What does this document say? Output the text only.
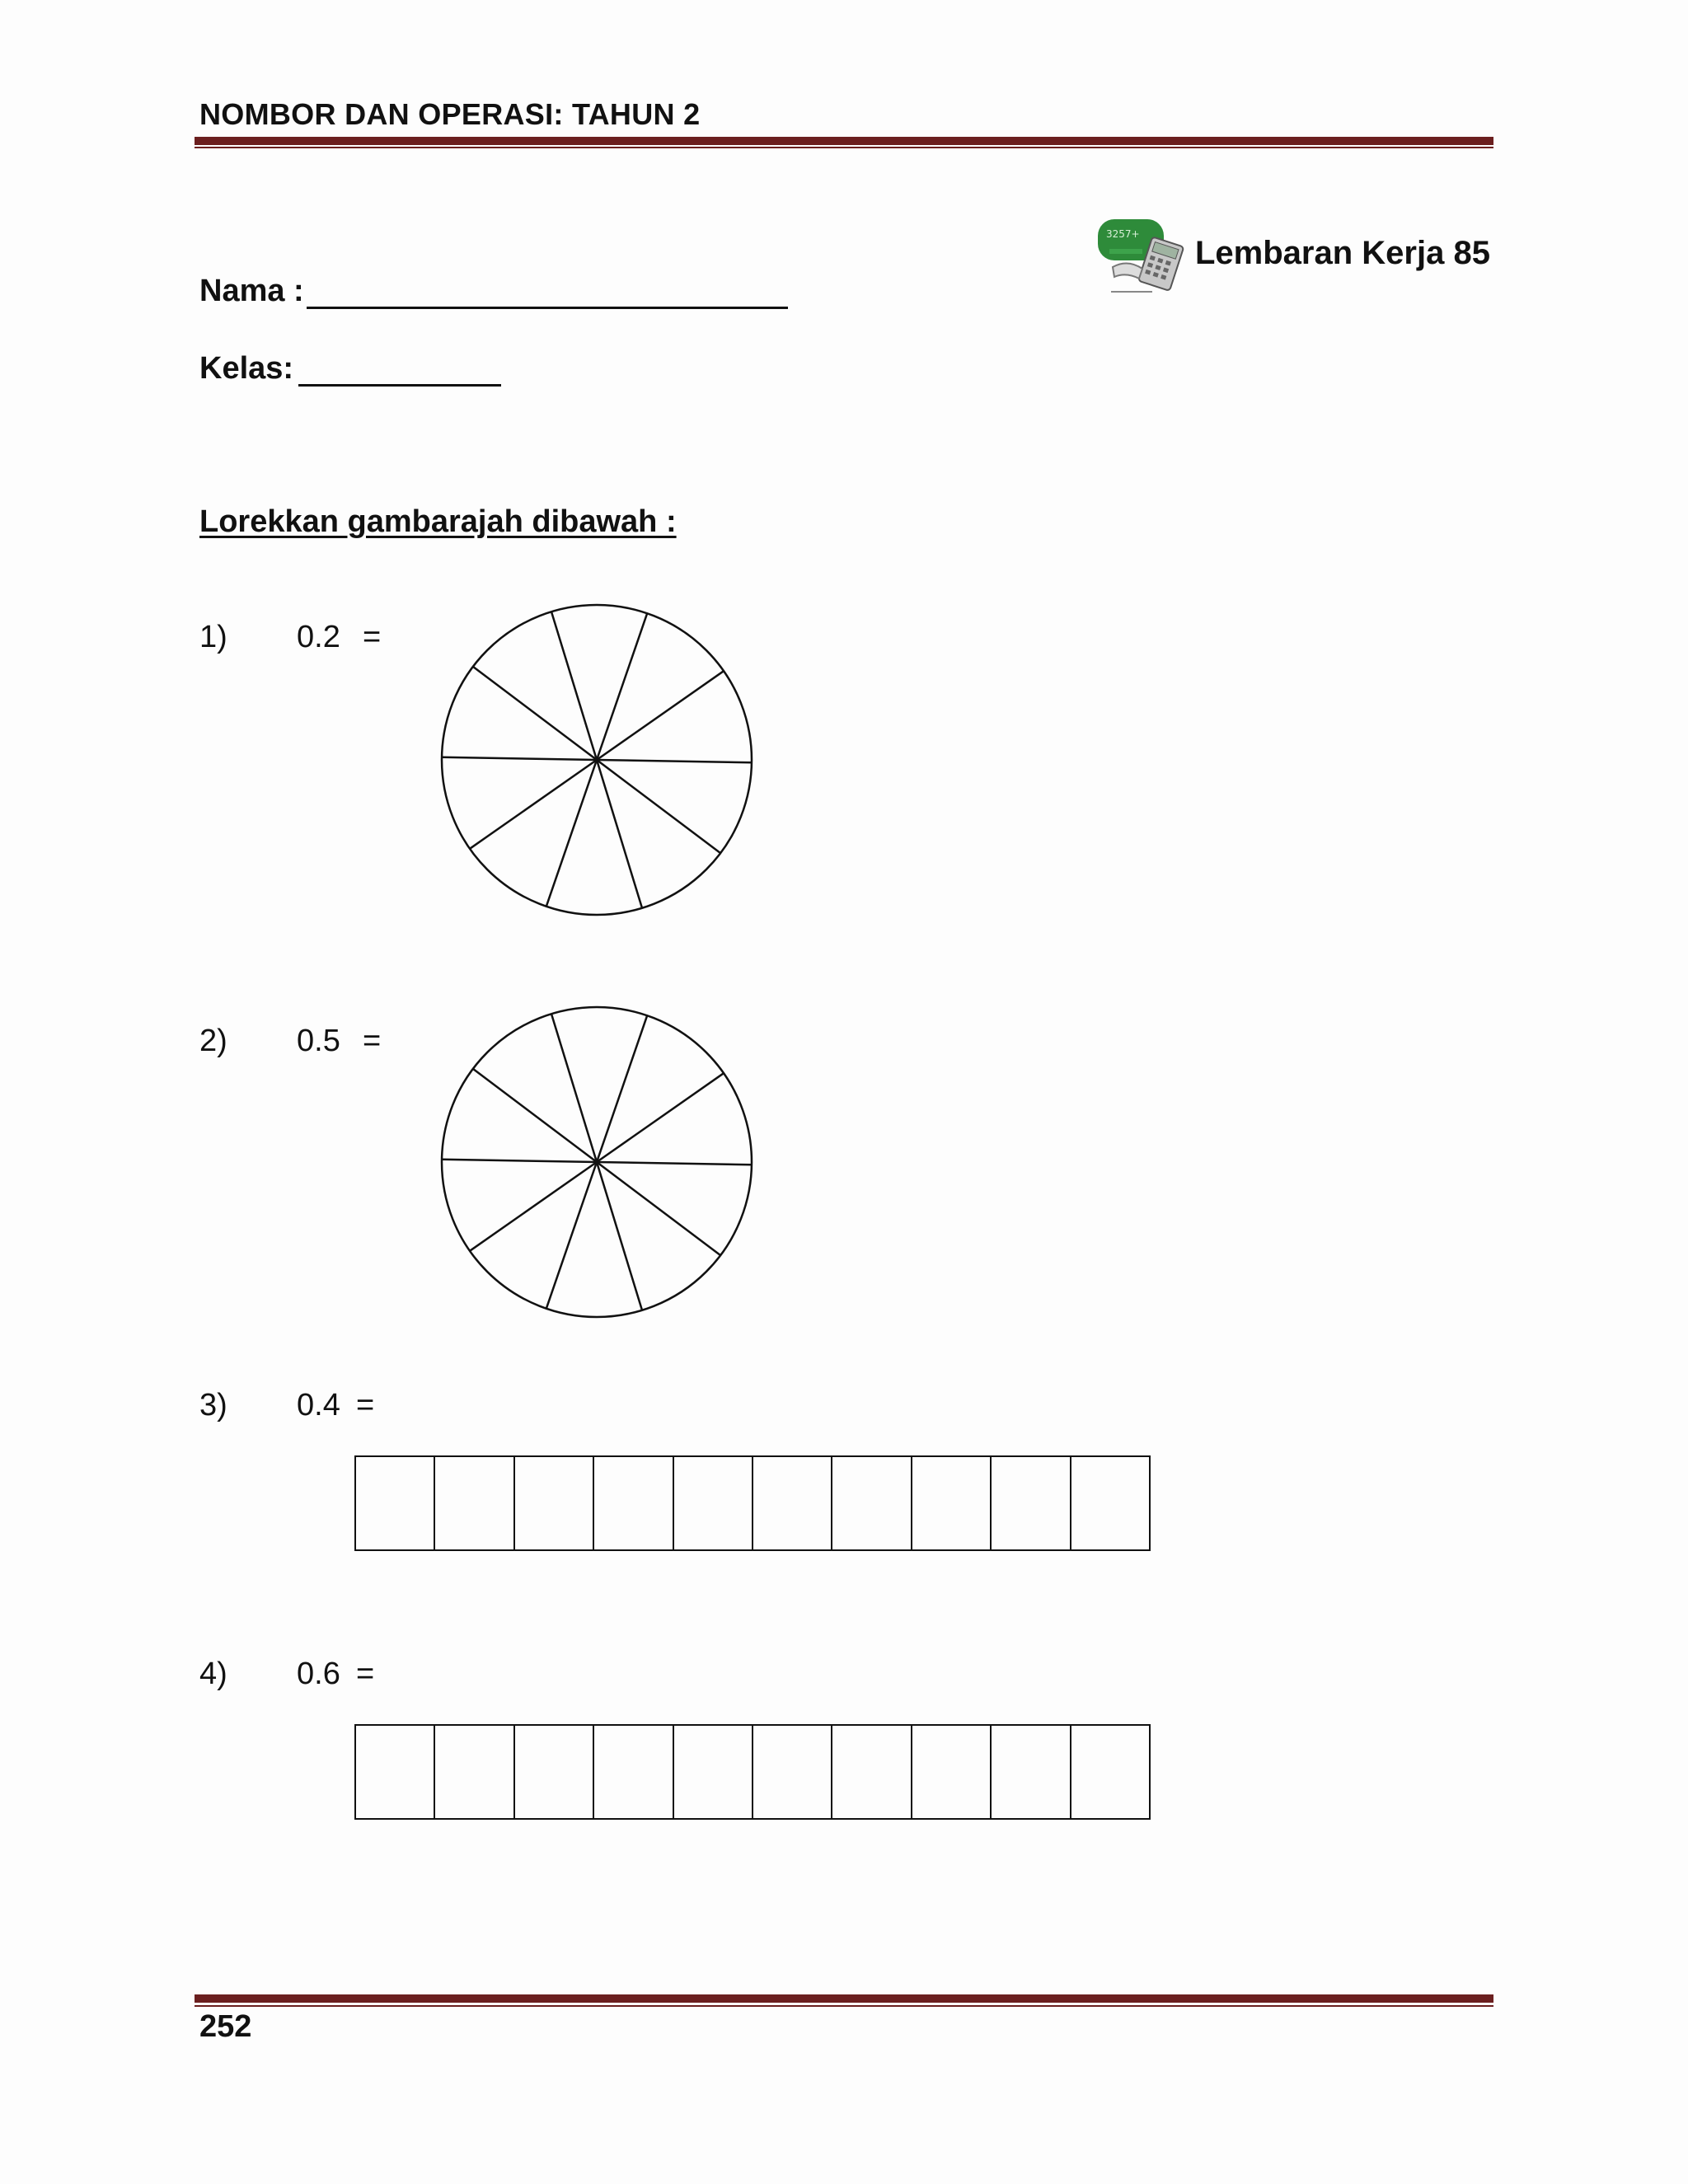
NOMBOR DAN OPERASI: TAHUN 2
3257+
Lembaran Kerja 85
Nama :
Kelas:
Lorekkan gambarajah dibawah :
1) 0.2 =
2) 0.5 =
3) 0.4 =
4) 0.6 =
252
